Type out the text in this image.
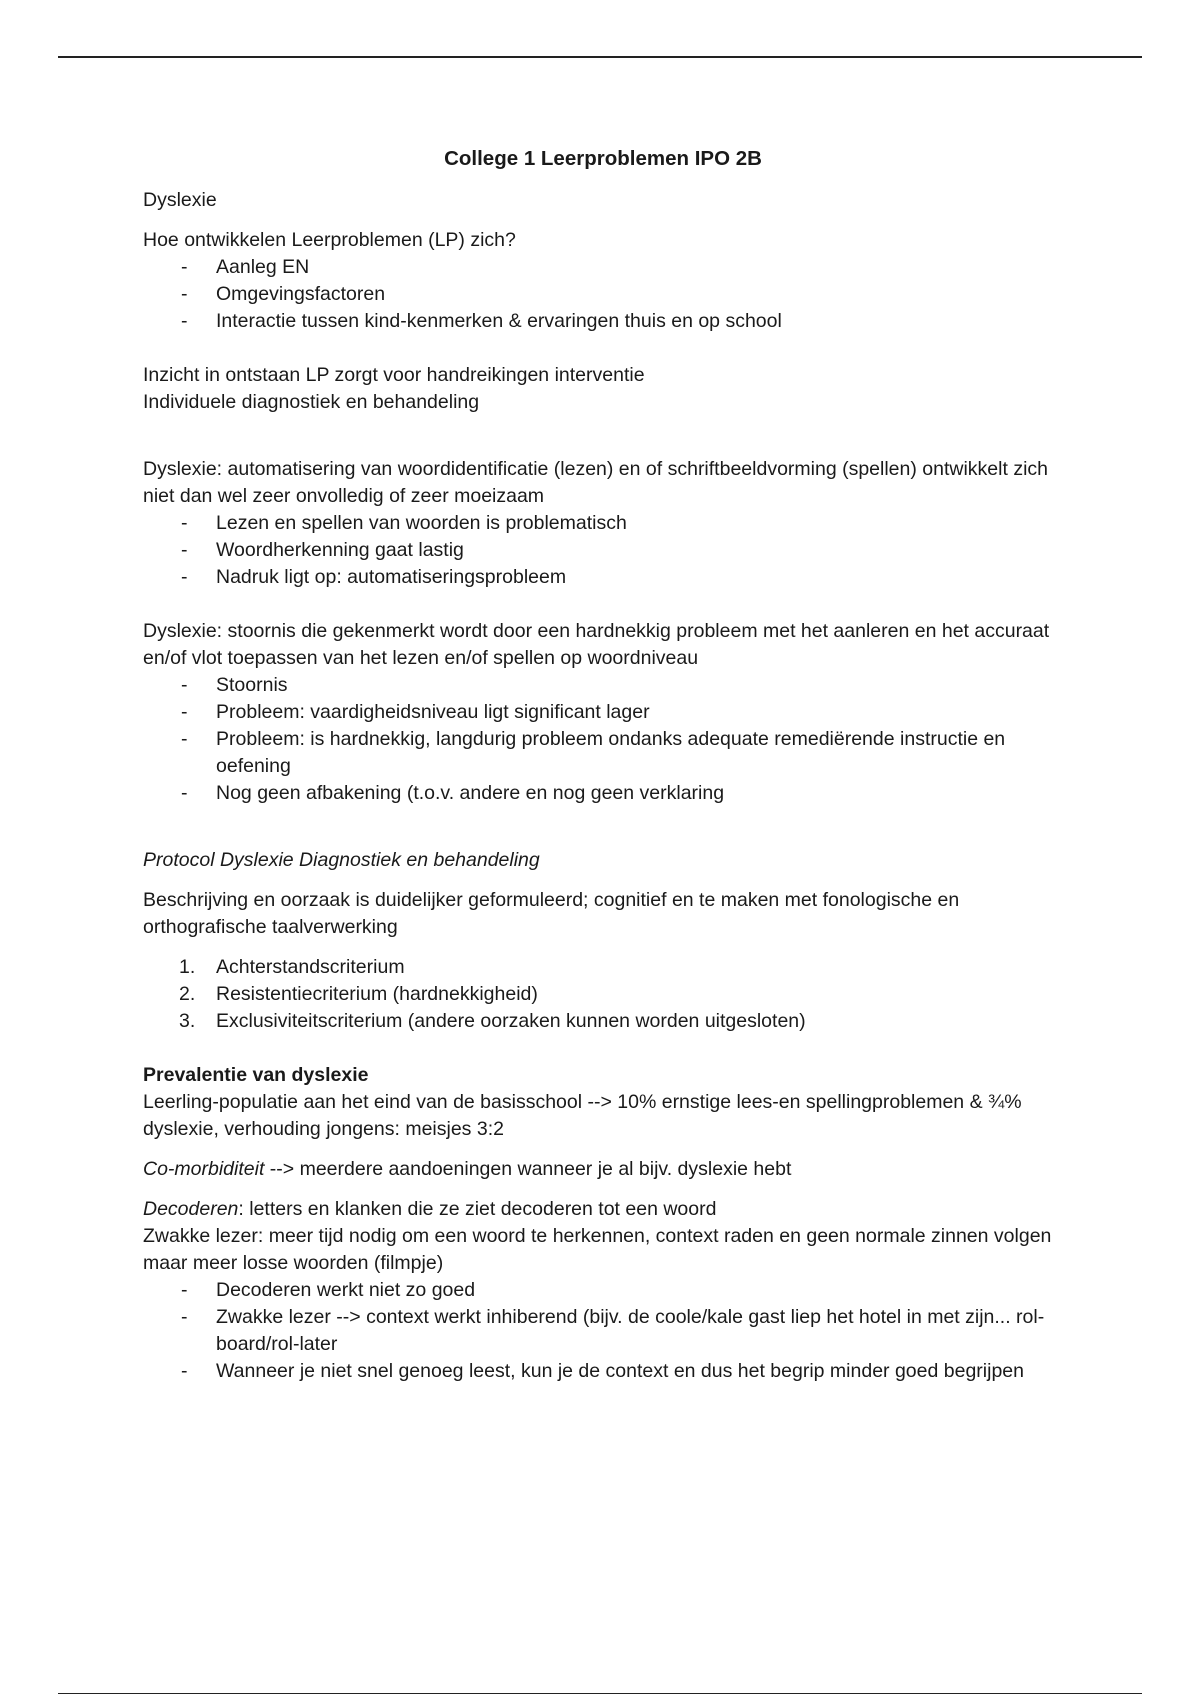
College 1 Leerproblemen IPO 2B

Dyslexie

Hoe ontwikkelen Leerproblemen (LP) zich?

- Aanleg EN
- Omgevingsfactoren
- Interactie tussen kind-kenmerken & ervaringen thuis en op school

Inzicht in ontstaan LP zorgt voor handreikingen interventie

Individuele diagnostiek en behandeling

Dyslexie: automatisering van woordidentificatie (lezen) en of schriftbeeldvorming (spellen) ontwikkelt zich niet dan wel zeer onvolledig of zeer moeizaam

- Lezen en spellen van woorden is problematisch
- Woordherkenning gaat lastig
- Nadruk ligt op: automatiseringsprobleem

Dyslexie: stoornis die gekenmerkt wordt door een hardnekkig probleem met het aanleren en het accuraat en/of vlot toepassen van het lezen en/of spellen op woordniveau

- Stoornis
- Probleem: vaardigheidsniveau ligt significant lager
- Probleem: is hardnekkig, langdurig probleem ondanks adequate remediërende instructie en oefening
- Nog geen afbakening (t.o.v. andere en nog geen verklaring

Protocol Dyslexie Diagnostiek en behandeling

Beschrijving en oorzaak is duidelijker geformuleerd; cognitief en te maken met fonologische en orthografische taalverwerking

1. Achterstandscriterium
2. Resistentiecriterium (hardnekkigheid)
3. Exclusiviteitscriterium (andere oorzaken kunnen worden uitgesloten)

Prevalentie van dyslexie

Leerling-populatie aan het eind van de basisschool --> 10% ernstige lees-en spellingproblemen & ¾% dyslexie, verhouding jongens: meisjes 3:2

Co-morbiditeit --> meerdere aandoeningen wanneer je al bijv. dyslexie hebt

Decoderen: letters en klanken die ze ziet decoderen tot een woord

Zwakke lezer: meer tijd nodig om een woord te herkennen, context raden en geen normale zinnen volgen maar meer losse woorden (filmpje)

- Decoderen werkt niet zo goed
- Zwakke lezer --> context werkt inhiberend (bijv. de coole/kale gast liep het hotel in met zijn... rol-board/rol-later
- Wanneer je niet snel genoeg leest, kun je de context en dus het begrip minder goed begrijpen
